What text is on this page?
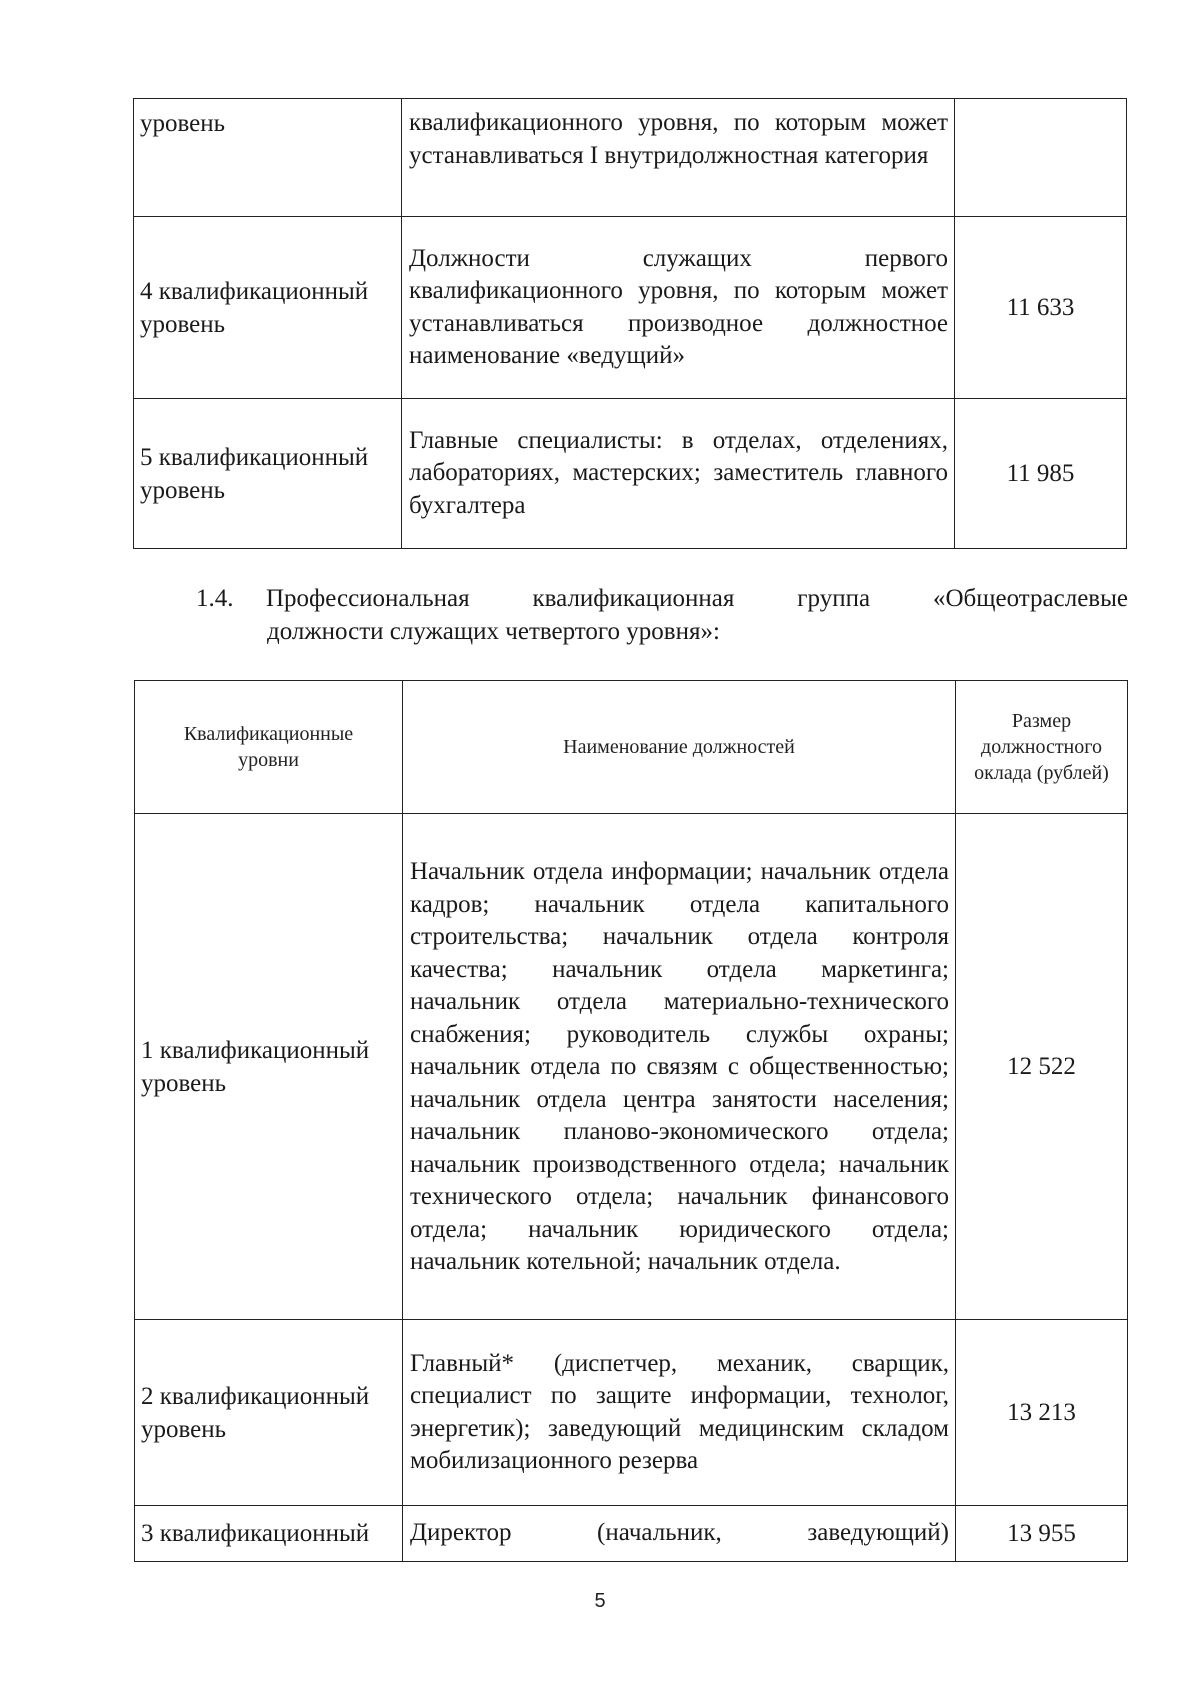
уровень	квалификационного уровня, по которым может устанавливаться I внутридолжностная категория	
4 квалификационный уровень	Должности служащих первого квалификационного уровня, по которым может устанавливаться производное должностное наименование «ведущий»	11 633
5 квалификационный уровень	Главные специалисты: в отделах, отделениях, лабораториях, мастерских; заместитель главного бухгалтера	11 985
1.4.	Профессиональная квалификационная группа «Общеотраслевые
должности служащих четвертого уровня»:
Квалификационные уровни	Наименование должностей	Размер должностного оклада (рублей)
1 квалификационный уровень	Начальник отдела информации; начальник отдела кадров; начальник отдела капитального строительства; начальник отдела контроля качества; начальник отдела маркетинга; начальник отдела материально-технического снабжения; руководитель службы охраны; начальник отдела по связям с общественностью; начальник отдела центра занятости населения; начальник планово-экономического отдела; начальник производственного отдела; начальник технического отдела; начальник финансового отдела; начальник юридического отдела; начальник котельной; начальник отдела.	12 522
2 квалификационный уровень	Главный* (диспетчер, механик, сварщик, специалист по защите информации, технолог, энергетик); заведующий медицинским складом мобилизационного резерва	13 213
3 квалификационный	Директор (начальник, заведующий)	13 955
5
